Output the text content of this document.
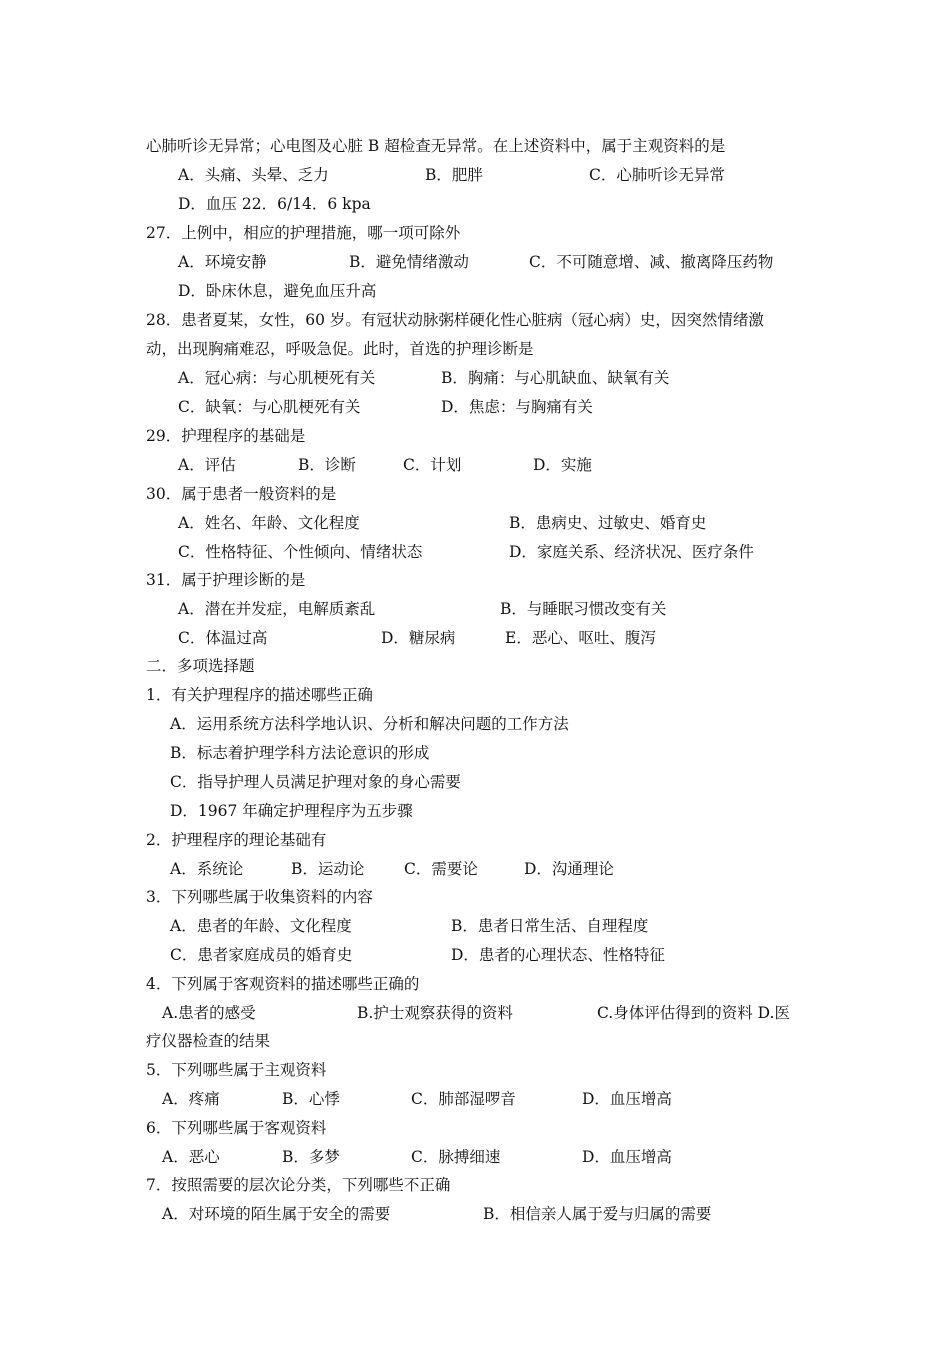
心肺听诊无异常；心电图及心脏 B 超检查无异常。在上述资料中，属于主观资料的是
A．头痛、头晕、乏力	B．肥胖	C．心肺听诊无异常
D．血压 22．6/14．6 kpa
27．上例中，相应的护理措施，哪一项可除外
A．环境安静	B．避免情绪激动	C．不可随意增、减、撤离降压药物
D．卧床休息，避免血压升高
28．患者夏某，女性，60 岁。有冠状动脉粥样硬化性心脏病（冠心病）史，因突然情绪激
动，出现胸痛难忍，呼吸急促。此时，首选的护理诊断是
A．冠心病：与心肌梗死有关	B．胸痛：与心肌缺血、缺氧有关
C．缺氧：与心肌梗死有关	D．焦虑：与胸痛有关
29．护理程序的基础是
A．评估	B．诊断	C．计划	D．实施
30．属于患者一般资料的是
A．姓名、年龄、文化程度	B．患病史、过敏史、婚育史
C．性格特征、个性倾向、情绪状态	D．家庭关系、经济状况、医疗条件
31．属于护理诊断的是
A．潜在并发症，电解质紊乱	B．与睡眠习惯改变有关
C．体温过高	D．糖尿病	E．恶心、呕吐、腹泻
二．多项选择题
1．有关护理程序的描述哪些正确
A．运用系统方法科学地认识、分析和解决问题的工作方法
B．标志着护理学科方法论意识的形成
C．指导护理人员满足护理对象的身心需要
D．1967 年确定护理程序为五步骤
2．护理程序的理论基础有
A．系统论	B．运动论	C．需要论	D．沟通理论
3．下列哪些属于收集资料的内容
A．患者的年龄、文化程度	B．患者日常生活、自理程度
C．患者家庭成员的婚育史	D．患者的心理状态、性格特征
4．下列属于客观资料的描述哪些正确的
A.患者的感受	B.护士观察获得的资料	C.身体评估得到的资料 D.医
疗仪器检查的结果
5．下列哪些属于主观资料
A．疼痛	B．心悸	C．肺部湿啰音	D．血压增高
6．下列哪些属于客观资料
A．恶心	B．多梦	C．脉搏细速	D．血压增高
7．按照需要的层次论分类，下列哪些不正确
A．对环境的陌生属于安全的需要	B．相信亲人属于爱与归属的需要
